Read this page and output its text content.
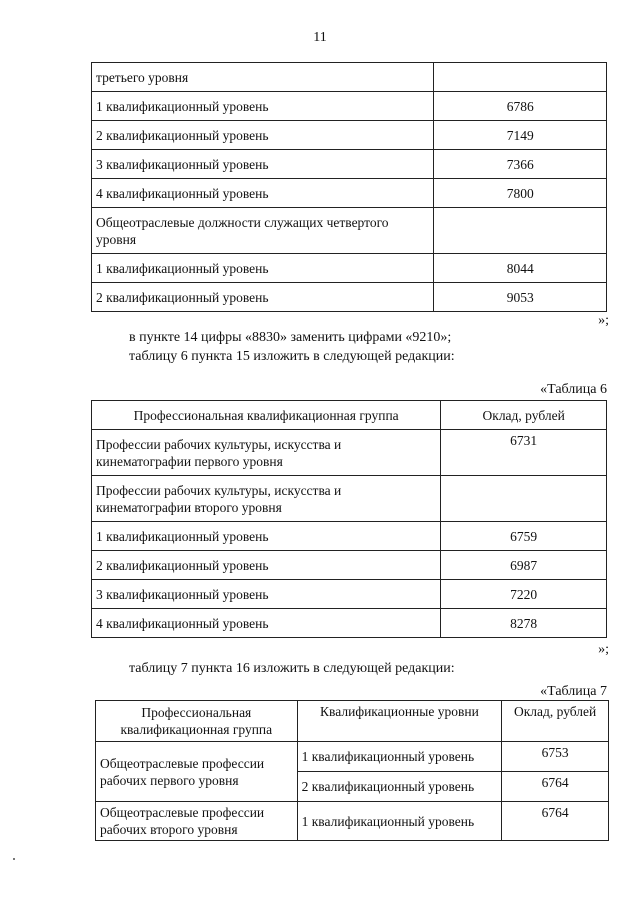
11
третьего уровня	
1 квалификационный уровень	6786
2 квалификационный уровень	7149
3 квалификационный уровень	7366
4 квалификационный уровень	7800
Общеотраслевые должности служащих четвертого уровня	
1 квалификационный уровень	8044
2 квалификационный уровень	9053
»;
в пункте 14 цифры «8830» заменить цифрами «9210»;
таблицу 6 пункта 15 изложить в следующей редакции:
«Таблица 6
Профессиональная квалификационная группа	Оклад, рублей
Профессии рабочих культуры, искусства и кинематографии первого уровня	6731
Профессии рабочих культуры, искусства и кинематографии второго уровня	
1 квалификационный уровень	6759
2 квалификационный уровень	6987
3 квалификационный уровень	7220
4 квалификационный уровень	8278
»;
таблицу 7 пункта 16 изложить в следующей редакции:
«Таблица 7
Профессиональная квалификационная группа	Квалификационные уровни	Оклад, рублей
Общеотраслевые профессии рабочих первого уровня	1 квалификационный уровень	6753
	2 квалификационный уровень	6764
Общеотраслевые профессии рабочих второго уровня	1 квалификационный уровень	6764
